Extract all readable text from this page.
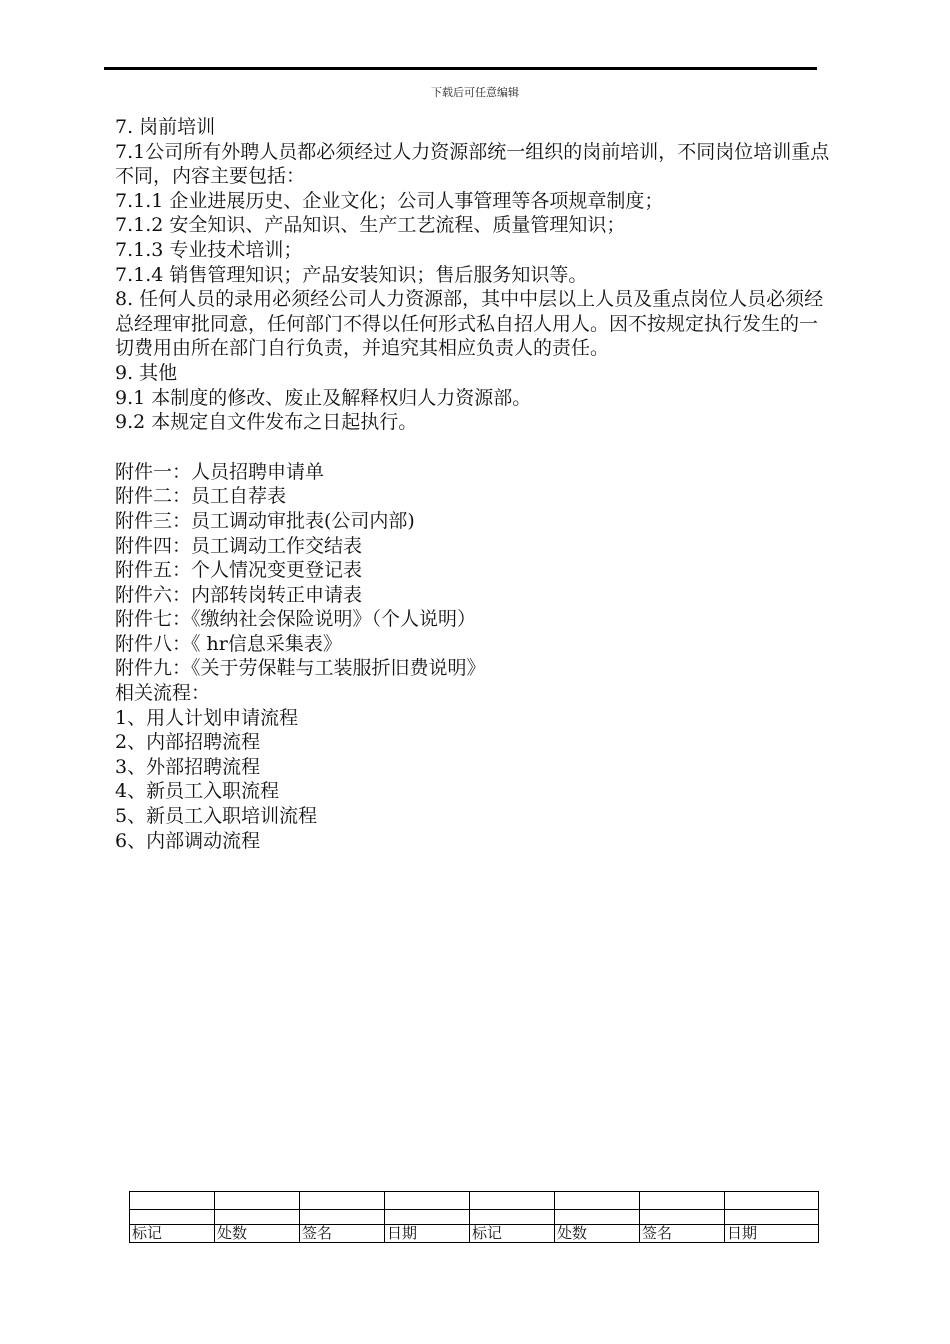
下载后可任意编辑

7. 岗前培训

7.1公司所有外聘人员都必须经过人力资源部统一组织的岗前培训，不同岗位培训重点不同，内容主要包括：

7.1.1 企业进展历史、企业文化；公司人事管理等各项规章制度；

7.1.2 安全知识、产品知识、生产工艺流程、质量管理知识；

7.1.3 专业技术培训；

7.1.4 销售管理知识；产品安装知识；售后服务知识等。

8. 任何人员的录用必须经公司人力资源部，其中中层以上人员及重点岗位人员必须经总经理审批同意，任何部门不得以任何形式私自招人用人。因不按规定执行发生的一切费用由所在部门自行负责，并追究其相应负责人的责任。

9. 其他

9.1 本制度的修改、废止及解释权归人力资源部。

9.2 本规定自文件发布之日起执行。

附件一：人员招聘申请单

附件二：员工自荐表

附件三：员工调动审批表(公司内部)

附件四：员工调动工作交结表

附件五：个人情况变更登记表

附件六：内部转岗转正申请表

附件七：《缴纳社会保险说明》（个人说明）

附件八：《 hr信息采集表》

附件九：《关于劳保鞋与工装服折旧费说明》

相关流程：

1、用人计划申请流程

2、内部招聘流程

3、外部招聘流程

4、新员工入职流程

5、新员工入职培训流程

6、内部调动流程

标记	处数	签名	日期	标记	处数	签名	日期
